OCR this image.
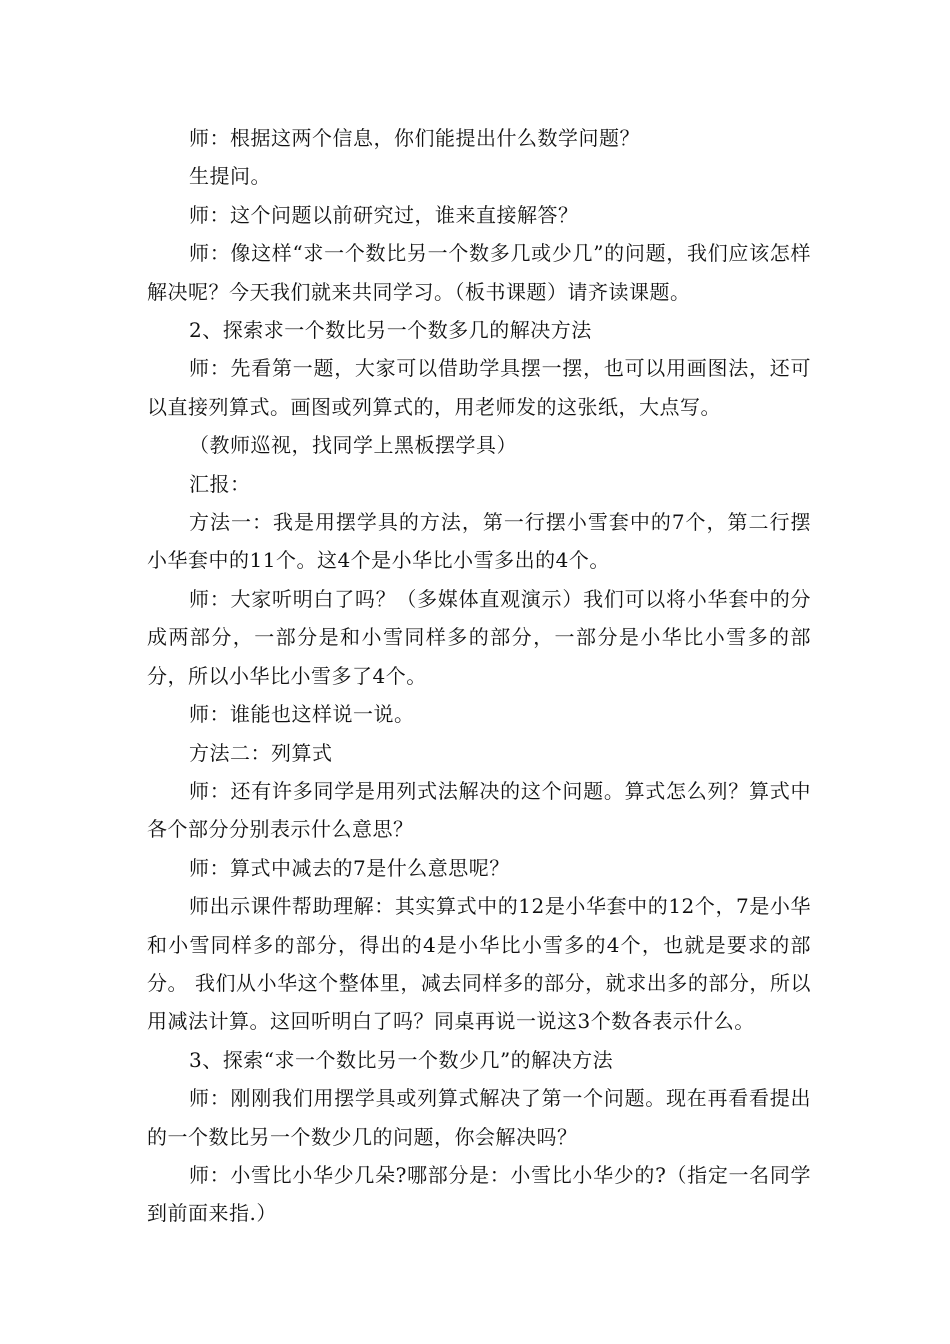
师：根据这两个信息，你们能提出什么数学问题？

生提问。

师：这个问题以前研究过，谁来直接解答？

师：像这样“求一个数比另一个数多几或少几”的问题，我们应该怎样解决呢？今天我们就来共同学习。（板书课题）请齐读课题。

2、探索求一个数比另一个数多几的解决方法

师：先看第一题，大家可以借助学具摆一摆，也可以用画图法，还可以直接列算式。画图或列算式的，用老师发的这张纸，大点写。

（教师巡视，找同学上黑板摆学具）

汇报：

方法一：我是用摆学具的方法，第一行摆小雪套中的7个，第二行摆小华套中的11个。这4个是小华比小雪多出的4个。

师：大家听明白了吗？（多媒体直观演示）我们可以将小华套中的分成两部分，一部分是和小雪同样多的部分，一部分是小华比小雪多的部分，所以小华比小雪多了4个。

师：谁能也这样说一说。

方法二：列算式

师：还有许多同学是用列式法解决的这个问题。算式怎么列？算式中各个部分分别表示什么意思？

师：算式中减去的7是什么意思呢？

师出示课件帮助理解：其实算式中的12是小华套中的12个，7是小华和小雪同样多的部分，得出的4是小华比小雪多的4个，也就是要求的部分。 我们从小华这个整体里，减去同样多的部分，就求出多的部分，所以用减法计算。这回听明白了吗？同桌再说一说这3个数各表示什么。

3、探索“求一个数比另一个数少几”的解决方法

师：刚刚我们用摆学具或列算式解决了第一个问题。现在再看看提出的一个数比另一个数少几的问题，你会解决吗？

师：小雪比小华少几朵?哪部分是：小雪比小华少的?（指定一名同学到前面来指.）
